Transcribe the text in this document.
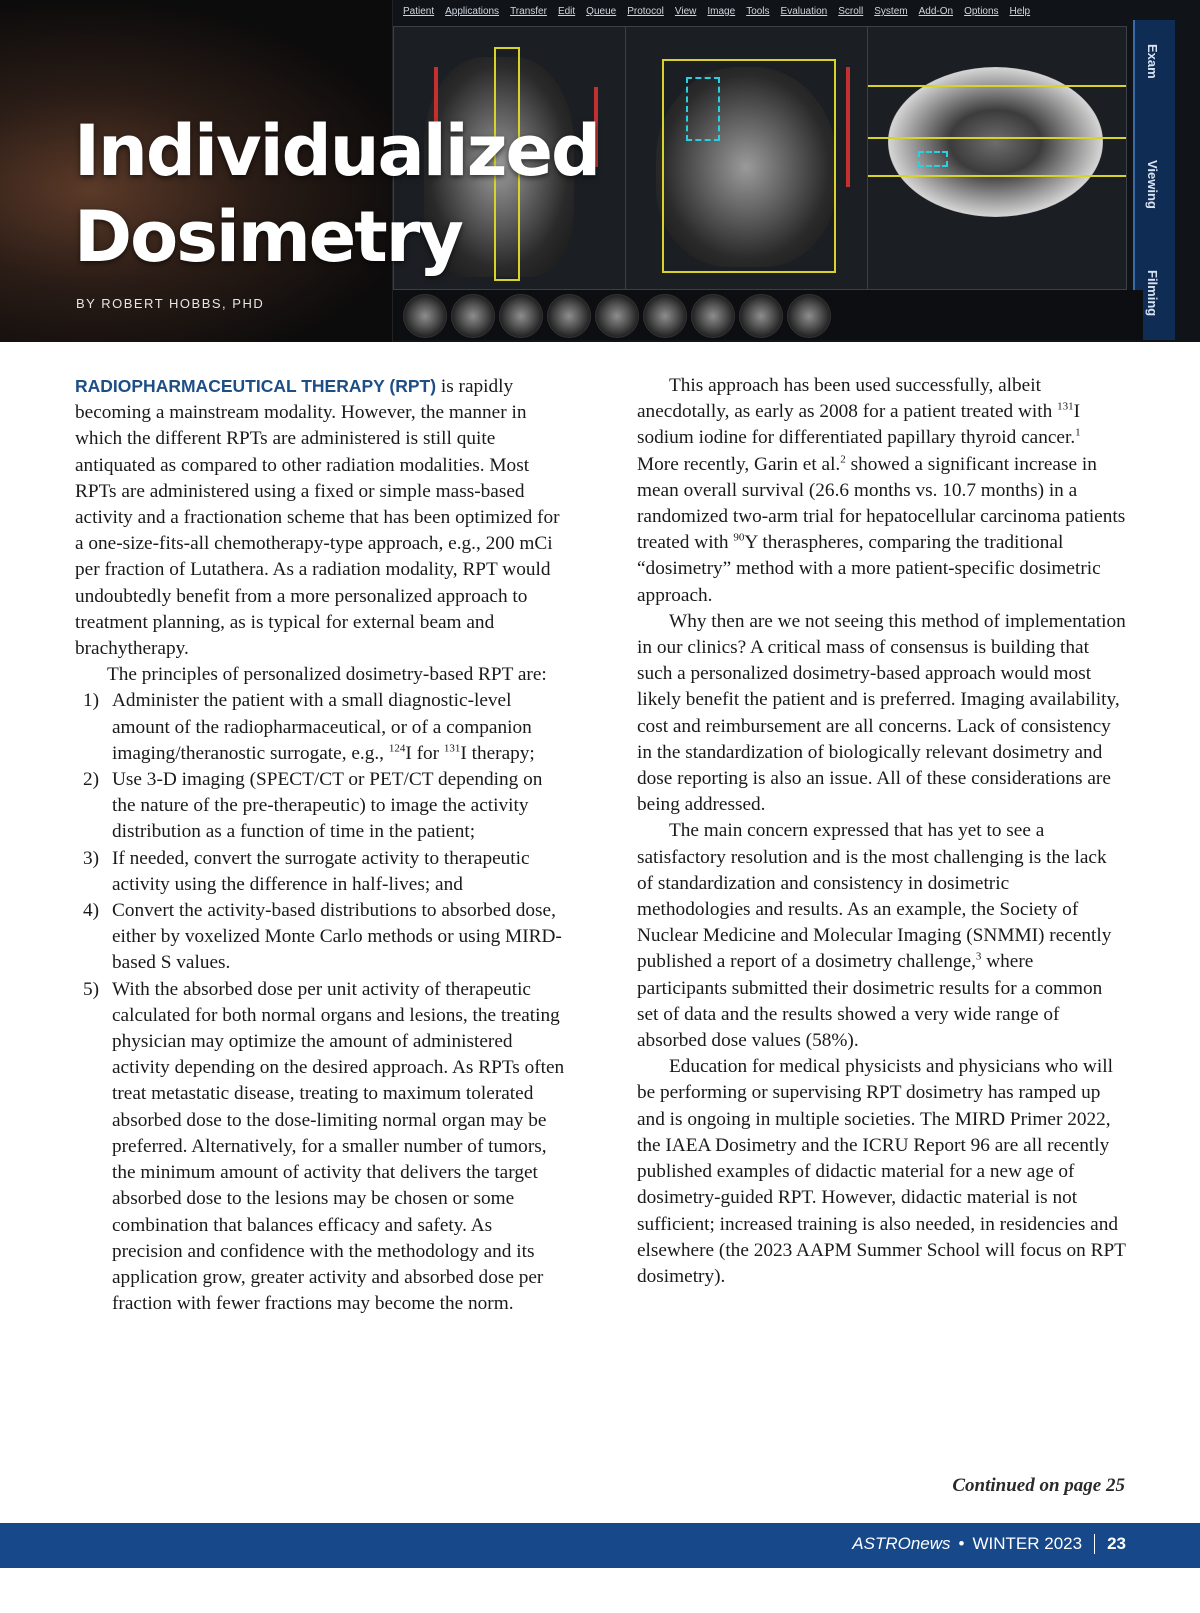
Patient Applications Transfer Edit Queue Protocol View Image Tools Evaluation Scroll System Add-On Options Help
Exam
Viewing
Filming
Individualized
Dosimetry
BY ROBERT HOBBS, PHD

RADIOPHARMACEUTICAL THERAPY (RPT) is rapidly becoming a mainstream modality. However, the manner in which the different RPTs are administered is still quite antiquated as compared to other radiation modalities. Most RPTs are administered using a fixed or simple mass-based activity and a fractionation scheme that has been optimized for a one-size-fits-all chemotherapy-type approach, e.g., 200 mCi per fraction of Lutathera. As a radiation modality, RPT would undoubtedly benefit from a more personalized approach to treatment planning, as is typical for external beam and brachytherapy.

The principles of personalized dosimetry-based RPT are:

1) Administer the patient with a small diagnostic-level amount of the radiopharmaceutical, or of a companion imaging/theranostic surrogate, e.g., $^{124}$I for $^{131}$I therapy;
2) Use 3-D imaging (SPECT/CT or PET/CT depending on the nature of the pre-therapeutic) to image the activity distribution as a function of time in the patient;
3) If needed, convert the surrogate activity to therapeutic activity using the difference in half-lives; and
4) Convert the activity-based distributions to absorbed dose, either by voxelized Monte Carlo methods or using MIRD-based S values.
5) With the absorbed dose per unit activity of therapeutic calculated for both normal organs and lesions, the treating physician may optimize the amount of administered activity depending on the desired approach. As RPTs often treat metastatic disease, treating to maximum tolerated absorbed dose to the dose-limiting normal organ may be preferred. Alternatively, for a smaller number of tumors, the minimum amount of activity that delivers the target absorbed dose to the lesions may be chosen or some combination that balances efficacy and safety. As precision and confidence with the methodology and its application grow, greater activity and absorbed dose per fraction with fewer fractions may become the norm.

This approach has been used successfully, albeit anecdotally, as early as 2008 for a patient treated with $^{131}$I sodium iodine for differentiated papillary thyroid cancer.$^1$ More recently, Garin et al.$^2$ showed a significant increase in mean overall survival (26.6 months vs. 10.7 months) in a randomized two-arm trial for hepatocellular carcinoma patients treated with $^{90}$Y theraspheres, comparing the traditional “dosimetry” method with a more patient-specific dosimetric approach.

Why then are we not seeing this method of implementation in our clinics? A critical mass of consensus is building that such a personalized dosimetry-based approach would most likely benefit the patient and is preferred. Imaging availability, cost and reimbursement are all concerns. Lack of consistency in the standardization of biologically relevant dosimetry and dose reporting is also an issue. All of these considerations are being addressed.

The main concern expressed that has yet to see a satisfactory resolution and is the most challenging is the lack of standardization and consistency in dosimetric methodologies and results. As an example, the Society of Nuclear Medicine and Molecular Imaging (SNMMI) recently published a report of a dosimetry challenge,$^3$ where participants submitted their dosimetric results for a common set of data and the results showed a very wide range of absorbed dose values (58%).

Education for medical physicists and physicians who will be performing or supervising RPT dosimetry has ramped up and is ongoing in multiple societies. The MIRD Primer 2022, the IAEA Dosimetry and the ICRU Report 96 are all recently published examples of didactic material for a new age of dosimetry-guided RPT. However, didactic material is not sufficient; increased training is also needed, in residencies and elsewhere (the 2023 AAPM Summer School will focus on RPT dosimetry).

Continued on page 25
ASTROnews • WINTER 2023 23
